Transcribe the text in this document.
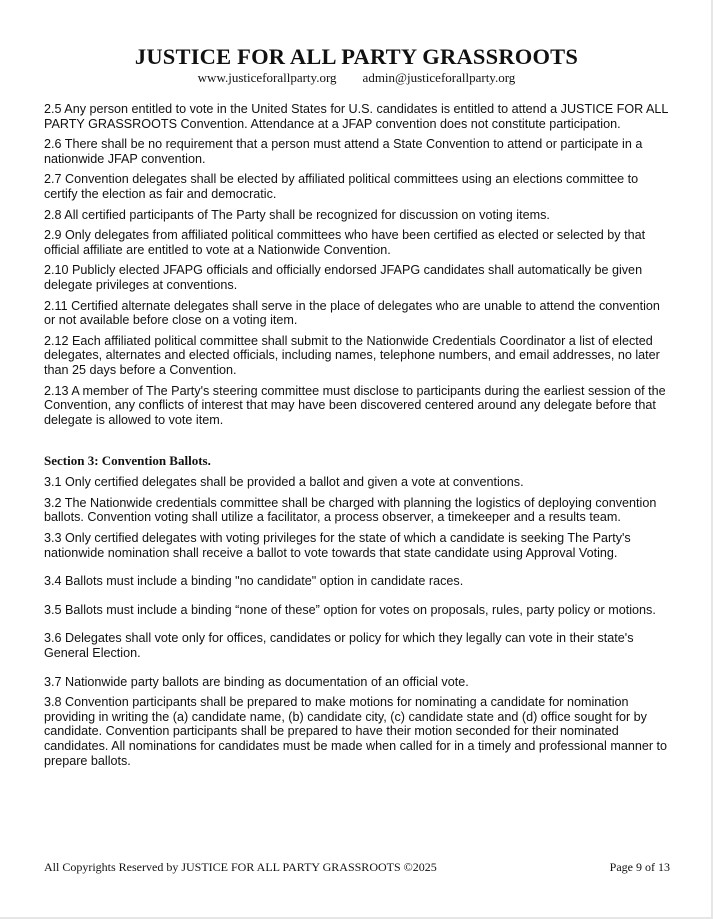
JUSTICE FOR ALL PARTY GRASSROOTS
www.justiceforallparty.org admin@justiceforallparty.org

2.5 Any person entitled to vote in the United States for U.S. candidates is entitled to attend a JUSTICE FOR ALL PARTY GRASSROOTS Convention. Attendance at a JFAP convention does not constitute participation.

2.6 There shall be no requirement that a person must attend a State Convention to attend or participate in a nationwide JFAP convention.

2.7 Convention delegates shall be elected by affiliated political committees using an elections committee to certify the election as fair and democratic.

2.8 All certified participants of The Party shall be recognized for discussion on voting items.

2.9 Only delegates from affiliated political committees who have been certified as elected or selected by that official affiliate are entitled to vote at a Nationwide Convention.

2.10 Publicly elected JFAPG officials and officially endorsed JFAPG candidates shall automatically be given delegate privileges at conventions.

2.11 Certified alternate delegates shall serve in the place of delegates who are unable to attend the convention or not available before close on a voting item.

2.12 Each affiliated political committee shall submit to the Nationwide Credentials Coordinator a list of elected delegates, alternates and elected officials, including names, telephone numbers, and email addresses, no later than 25 days before a Convention.

2.13 A member of The Party's steering committee must disclose to participants during the earliest session of the Convention, any conflicts of interest that may have been discovered centered around any delegate before that delegate is allowed to vote item.

Section 3: Convention Ballots.

3.1 Only certified delegates shall be provided a ballot and given a vote at conventions.

3.2 The Nationwide credentials committee shall be charged with planning the logistics of deploying convention ballots. Convention voting shall utilize a facilitator, a process observer, a timekeeper and a results team.

3.3 Only certified delegates with voting privileges for the state of which a candidate is seeking The Party's nationwide nomination shall receive a ballot to vote towards that state candidate using Approval Voting.

3.4 Ballots must include a binding "no candidate" option in candidate races.

3.5 Ballots must include a binding “none of these” option for votes on proposals, rules, party policy or motions.

3.6 Delegates shall vote only for offices, candidates or policy for which they legally can vote in their state's General Election.

3.7 Nationwide party ballots are binding as documentation of an official vote.

3.8 Convention participants shall be prepared to make motions for nominating a candidate for nomination providing in writing the (a) candidate name, (b) candidate city, (c) candidate state and (d) office sought for by candidate. Convention participants shall be prepared to have their motion seconded for their nominated candidates. All nominations for candidates must be made when called for in a timely and professional manner to prepare ballots.

All Copyrights Reserved by JUSTICE FOR ALL PARTY GRASSROOTS ©2025	Page 9 of 13
